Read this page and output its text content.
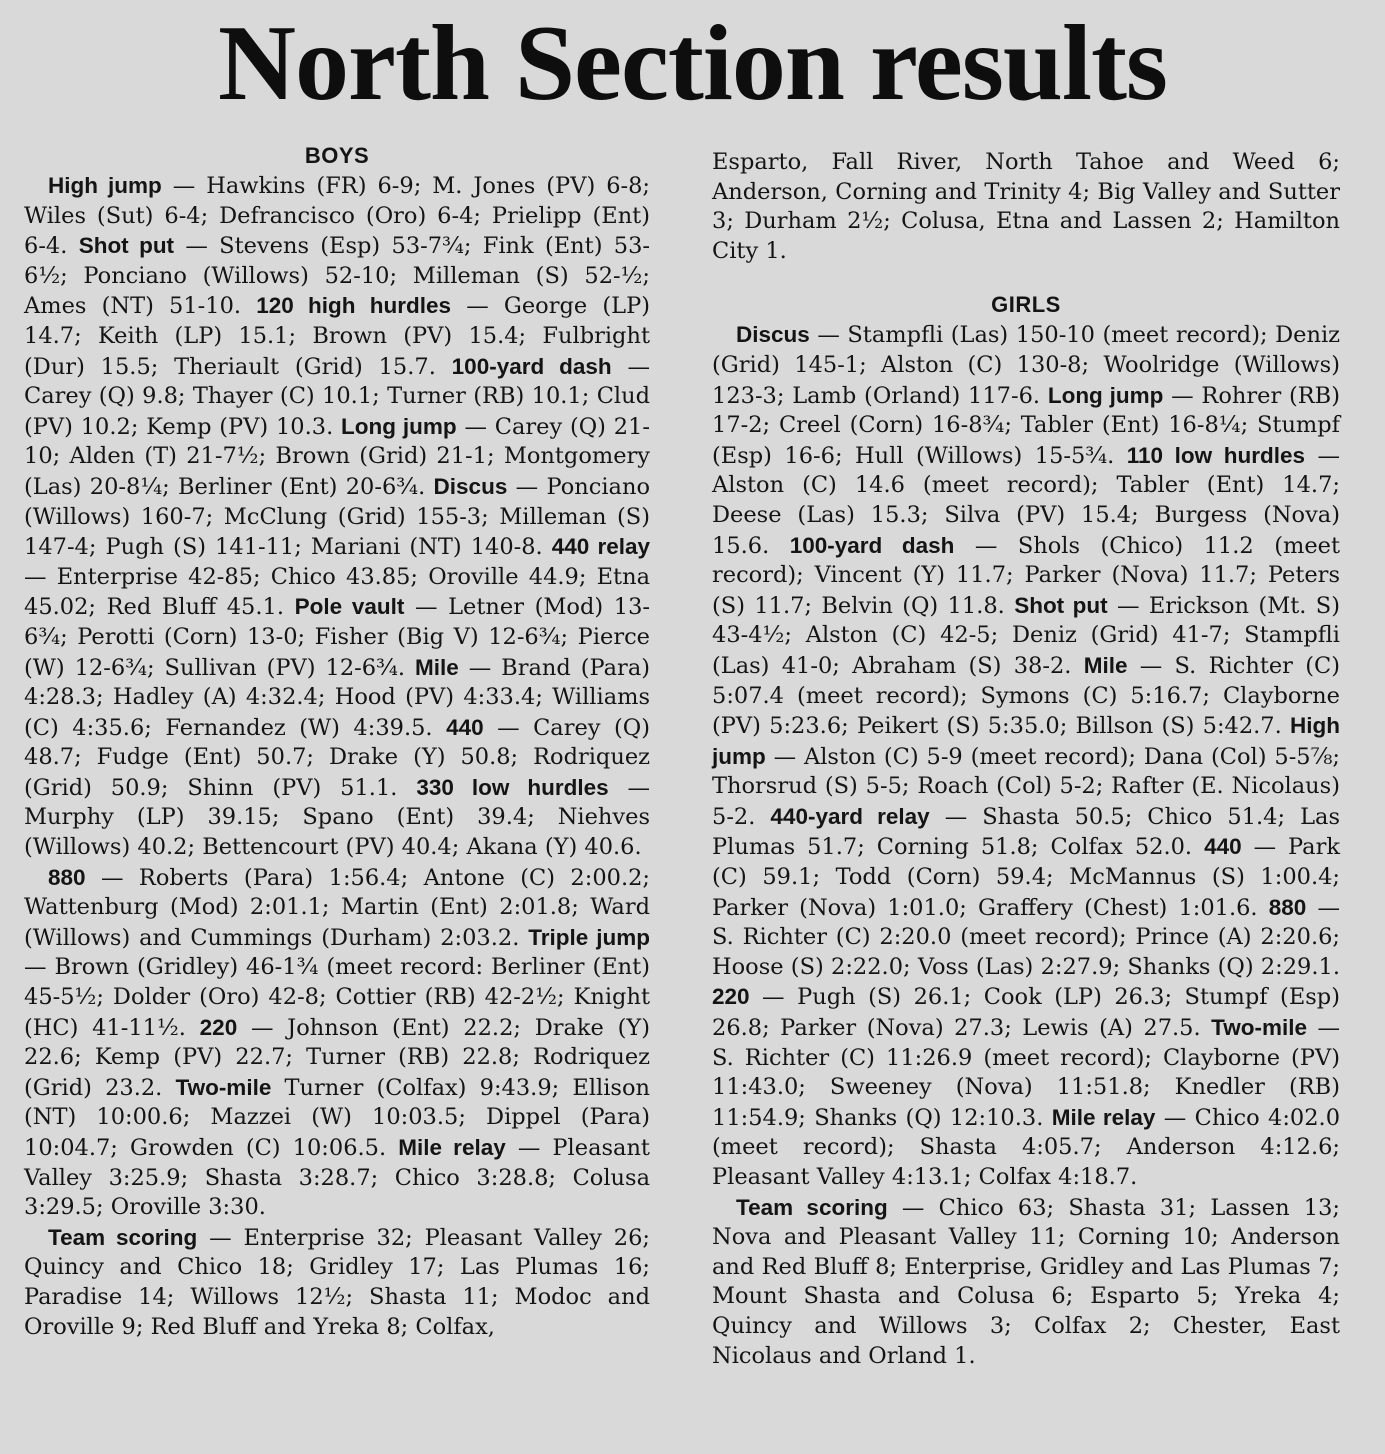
North Section results
BOYS

High jump — Hawkins (FR) 6-9; M. Jones (PV) 6-8; Wiles (Sut) 6-4; Defrancisco (Oro) 6-4; Prielipp (Ent) 6-4. Shot put — Stevens (Esp) 53-7³⁄₄; Fink (Ent) 53-6¹⁄₂; Ponciano (Willows) 52-10; Milleman (S) 52-¹⁄₂; Ames (NT) 51-10. 120 high hurdles — George (LP) 14.7; Keith (LP) 15.1; Brown (PV) 15.4; Fulbright (Dur) 15.5; Theriault (Grid) 15.7. 100-yard dash — Carey (Q) 9.8; Thayer (C) 10.1; Turner (RB) 10.1; Clud (PV) 10.2; Kemp (PV) 10.3. Long jump — Carey (Q) 21-10; Alden (T) 21-7¹⁄₂; Brown (Grid) 21-1; Montgomery (Las) 20-8¹⁄₄; Berliner (Ent) 20-6³⁄₄. Discus — Ponciano (Willows) 160-7; McClung (Grid) 155-3; Milleman (S) 147-4; Pugh (S) 141-11; Mariani (NT) 140-8. 440 relay — Enterprise 42-85; Chico 43.85; Oroville 44.9; Etna 45.02; Red Bluff 45.1. Pole vault — Letner (Mod) 13-6³⁄₄; Perotti (Corn) 13-0; Fisher (Big V) 12-6³⁄₄; Pierce (W) 12-6³⁄₄; Sullivan (PV) 12-6³⁄₄. Mile — Brand (Para) 4:28.3; Hadley (A) 4:32.4; Hood (PV) 4:33.4; Williams (C) 4:35.6; Fernandez (W) 4:39.5. 440 — Carey (Q) 48.7; Fudge (Ent) 50.7; Drake (Y) 50.8; Rodriquez (Grid) 50.9; Shinn (PV) 51.1. 330 low hurdles — Murphy (LP) 39.15; Spano (Ent) 39.4; Niehves (Willows) 40.2; Bettencourt (PV) 40.4; Akana (Y) 40.6.

880 — Roberts (Para) 1:56.4; Antone (C) 2:00.2; Wattenburg (Mod) 2:01.1; Martin (Ent) 2:01.8; Ward (Willows) and Cummings (Durham) 2:03.2. Triple jump — Brown (Gridley) 46-1³⁄₄ (meet record: Berliner (Ent) 45-5¹⁄₂; Dolder (Oro) 42-8; Cottier (RB) 42-2¹⁄₂; Knight (HC) 41-11¹⁄₂. 220 — Johnson (Ent) 22.2; Drake (Y) 22.6; Kemp (PV) 22.7; Turner (RB) 22.8; Rodriquez (Grid) 23.2. Two-mile Turner (Colfax) 9:43.9; Ellison (NT) 10:00.6; Mazzei (W) 10:03.5; Dippel (Para) 10:04.7; Growden (C) 10:06.5. Mile relay — Pleasant Valley 3:25.9; Shasta 3:28.7; Chico 3:28.8; Colusa 3:29.5; Oroville 3:30.

Team scoring — Enterprise 32; Pleasant Valley 26; Quincy and Chico 18; Gridley 17; Las Plumas 16; Paradise 14; Willows 12¹⁄₂; Shasta 11; Modoc and Oroville 9; Red Bluff and Yreka 8; Colfax,

Esparto, Fall River, North Tahoe and Weed 6; Anderson, Corning and Trinity 4; Big Valley and Sutter 3; Durham 2¹⁄₂; Colusa, Etna and Lassen 2; Hamilton City 1.

GIRLS

Discus — Stampfli (Las) 150-10 (meet record); Deniz (Grid) 145-1; Alston (C) 130-8; Woolridge (Willows) 123-3; Lamb (Orland) 117-6. Long jump — Rohrer (RB) 17-2; Creel (Corn) 16-8³⁄₄; Tabler (Ent) 16-8¹⁄₄; Stumpf (Esp) 16-6; Hull (Willows) 15-5³⁄₄. 110 low hurdles — Alston (C) 14.6 (meet record); Tabler (Ent) 14.7; Deese (Las) 15.3; Silva (PV) 15.4; Burgess (Nova) 15.6. 100-yard dash — Shols (Chico) 11.2 (meet record); Vincent (Y) 11.7; Parker (Nova) 11.7; Peters (S) 11.7; Belvin (Q) 11.8. Shot put — Erickson (Mt. S) 43-4¹⁄₂; Alston (C) 42-5; Deniz (Grid) 41-7; Stampfli (Las) 41-0; Abraham (S) 38-2. Mile — S. Richter (C) 5:07.4 (meet record); Symons (C) 5:16.7; Clayborne (PV) 5:23.6; Peikert (S) 5:35.0; Billson (S) 5:42.7. High jump — Alston (C) 5-9 (meet record); Dana (Col) 5-5⁷⁄₈; Thorsrud (S) 5-5; Roach (Col) 5-2; Rafter (E. Nicolaus) 5-2. 440-yard relay — Shasta 50.5; Chico 51.4; Las Plumas 51.7; Corning 51.8; Colfax 52.0. 440 — Park (C) 59.1; Todd (Corn) 59.4; McMannus (S) 1:00.4; Parker (Nova) 1:01.0; Graffery (Chest) 1:01.6. 880 — S. Richter (C) 2:20.0 (meet record); Prince (A) 2:20.6; Hoose (S) 2:22.0; Voss (Las) 2:27.9; Shanks (Q) 2:29.1. 220 — Pugh (S) 26.1; Cook (LP) 26.3; Stumpf (Esp) 26.8; Parker (Nova) 27.3; Lewis (A) 27.5. Two-mile — S. Richter (C) 11:26.9 (meet record); Clayborne (PV) 11:43.0; Sweeney (Nova) 11:51.8; Knedler (RB) 11:54.9; Shanks (Q) 12:10.3. Mile relay — Chico 4:02.0 (meet record); Shasta 4:05.7; Anderson 4:12.6; Pleasant Valley 4:13.1; Colfax 4:18.7.

Team scoring — Chico 63; Shasta 31; Lassen 13; Nova and Pleasant Valley 11; Corning 10; Anderson and Red Bluff 8; Enterprise, Gridley and Las Plumas 7; Mount Shasta and Colusa 6; Esparto 5; Yreka 4; Quincy and Willows 3; Colfax 2; Chester, East Nicolaus and Orland 1.
